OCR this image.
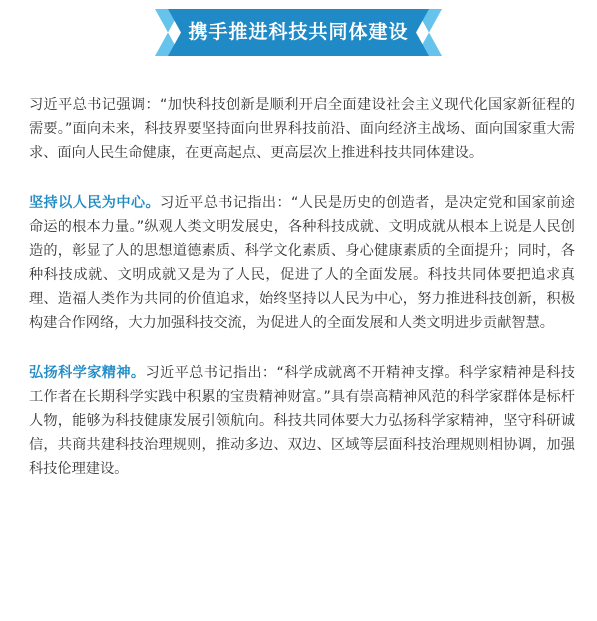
携手推进科技共同体建设

习近平总书记强调：“加快科技创新是顺利开启全面建设社会主义现代化国家新征程的需要。”面向未来，科技界要坚持面向世界科技前沿、面向经济主战场、面向国家重大需求、面向人民生命健康，在更高起点、更高层次上推进科技共同体建设。

坚持以人民为中心。习近平总书记指出：“人民是历史的创造者，是决定党和国家前途命运的根本力量。”纵观人类文明发展史，各种科技成就、文明成就从根本上说是人民创造的，彰显了人的思想道德素质、科学文化素质、身心健康素质的全面提升；同时，各种科技成就、文明成就又是为了人民，促进了人的全面发展。科技共同体要把追求真理、造福人类作为共同的价值追求，始终坚持以人民为中心，努力推进科技创新，积极构建合作网络，大力加强科技交流，为促进人的全面发展和人类文明进步贡献智慧。

弘扬科学家精神。习近平总书记指出：“科学成就离不开精神支撑。科学家精神是科技工作者在长期科学实践中积累的宝贵精神财富。”具有崇高精神风范的科学家群体是标杆人物，能够为科技健康发展引领航向。科技共同体要大力弘扬科学家精神，坚守科研诚信，共商共建科技治理规则，推动多边、双边、区域等层面科技治理规则相协调，加强科技伦理建设。
